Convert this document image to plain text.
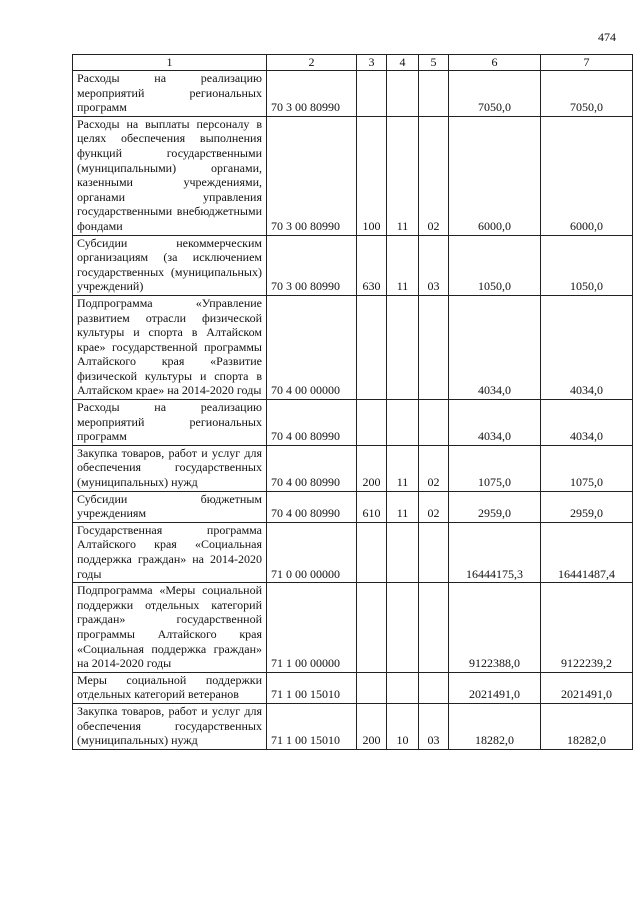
474
1	2	3	4	5	6	7
Расходы на реализацию мероприятий региональных программ	70 3 00 80990				7050,0	7050,0
Расходы на выплаты персоналу в целях обеспечения выполнения функций государственными (муниципальными) органами, казенными учреждениями, органами управления государственными внебюджетными фондами	70 3 00 80990	100	11	02	6000,0	6000,0
Субсидии некоммерческим организациям (за исключением государственных (муниципальных) учреждений)	70 3 00 80990	630	11	03	1050,0	1050,0
Подпрограмма «Управление развитием отрасли физической культуры и спорта в Алтайском крае» государственной программы Алтайского края «Развитие физической культуры и спорта в Алтайском крае» на 2014-2020 годы	70 4 00 00000				4034,0	4034,0
Расходы на реализацию мероприятий региональных программ	70 4 00 80990				4034,0	4034,0
Закупка товаров, работ и услуг для обеспечения государственных (муниципальных) нужд	70 4 00 80990	200	11	02	1075,0	1075,0
Субсидии бюджетным учреждениям	70 4 00 80990	610	11	02	2959,0	2959,0
Государственная программа Алтайского края «Социальная поддержка граждан» на 2014-2020 годы	71 0 00 00000				16444175,3	16441487,4
Подпрограмма «Меры социальной поддержки отдельных категорий граждан» государственной программы Алтайского края «Социальная поддержка граждан» на 2014-2020 годы	71 1 00 00000				9122388,0	9122239,2
Меры социальной поддержки отдельных категорий ветеранов	71 1 00 15010				2021491,0	2021491,0
Закупка товаров, работ и услуг для обеспечения государственных (муниципальных) нужд	71 1 00 15010	200	10	03	18282,0	18282,0
